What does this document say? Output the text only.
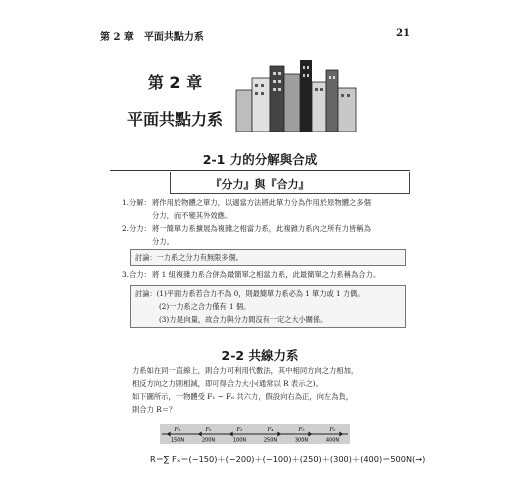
第 2 章　平面共點力系	21
第 2 章
平面共點力系
2-1 力的分解與合成
『分力』與『合力』
1.分解：將作用於物體之單力，以適當方法將此單力分為作用於原物體之多個
分力，而不變其外效應。
2.分力：將一簡單力系擴展為複雜之相當力系，此複雜力系內之所有力皆稱為
分力。
討論：一力系之分力有無限多個。
3.合力：將 1 組複雜力系合併為最簡單之相當力系，此最簡單之力系稱為合力。
討論：(1)平面力系若合力不為 0，則最簡單力系必為 1 單力或 1 力偶。
(2)一力系之合力僅有 1 個。
(3)力是向量，故合力與分力間沒有一定之大小關係。
2-2 共線力系
力系如在同一直線上，則合力可利用代數法，其中相同方向之力相加，
相反方向之力則相減，即可得合力大小(通常以 R 表示之)。
如下圖所示，一物體受 F₁ ~ F₆ 共六力，假設向右為正，向左為負，
則合力 R＝？
F₁
150N
F₂
200N
F₃
100N
F₄
250N
F₅
300N
F₆
400N
R＝∑ Fₓ＝(−150)＋(−200)＋(−100)＋(250)＋(300)＋(400)＝500N(→)
